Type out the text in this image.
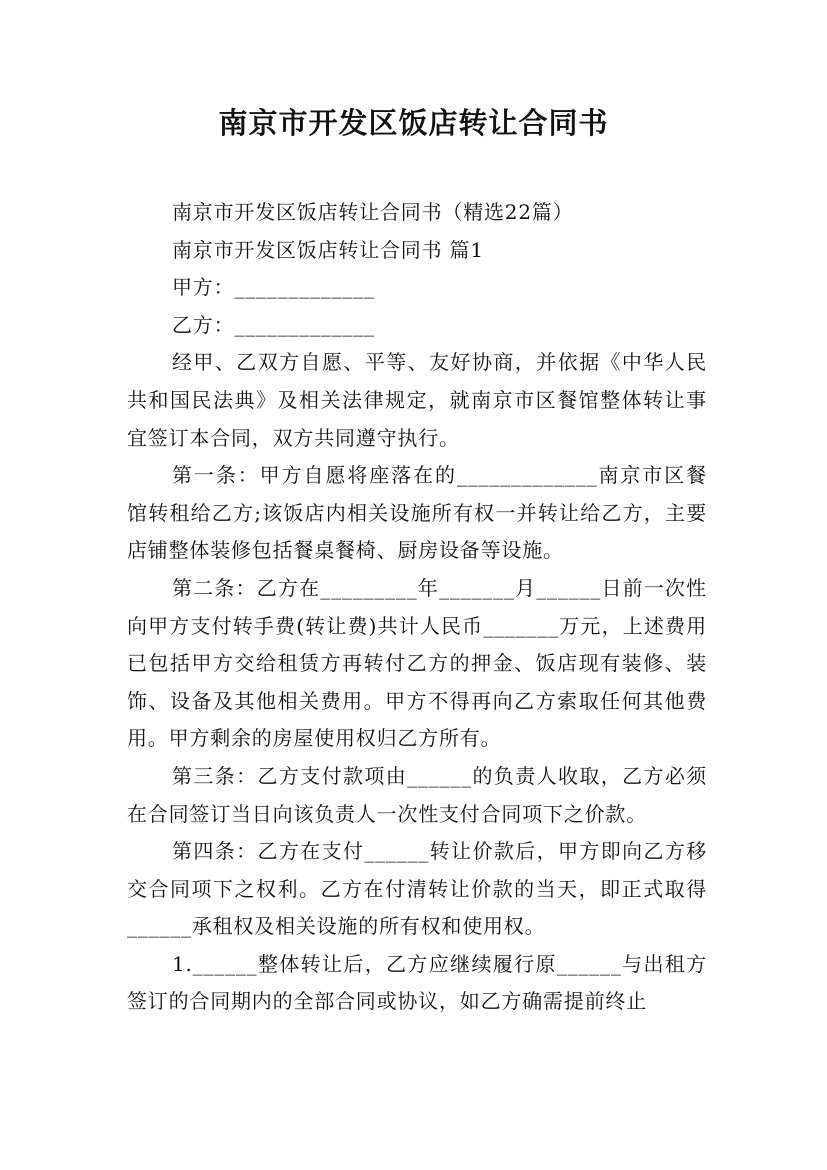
南京市开发区饭店转让合同书

南京市开发区饭店转让合同书（精选22篇）

南京市开发区饭店转让合同书 篇1

甲方：_____________

乙方：_____________

经甲、乙双方自愿、平等、友好协商，并依据《中华人民共和国民法典》及相关法律规定，就南京市区餐馆整体转让事宜签订本合同，双方共同遵守执行。

第一条：甲方自愿将座落在的_____________南京市区餐馆转租给乙方;该饭店内相关设施所有权一并转让给乙方，主要店铺整体装修包括餐桌餐椅、厨房设备等设施。

第二条：乙方在_________年_______月______日前一次性向甲方支付转手费(转让费)共计人民币_______万元，上述费用已包括甲方交给租赁方再转付乙方的押金、饭店现有装修、装饰、设备及其他相关费用。甲方不得再向乙方索取任何其他费用。甲方剩余的房屋使用权归乙方所有。

第三条：乙方支付款项由______的负责人收取，乙方必须在合同签订当日向该负责人一次性支付合同项下之价款。

第四条：乙方在支付______转让价款后，甲方即向乙方移交合同项下之权利。乙方在付清转让价款的当天，即正式取得______承租权及相关设施的所有权和使用权。

1.______整体转让后，乙方应继续履行原______与出租方签订的合同期内的全部合同或协议，如乙方确需提前终止
